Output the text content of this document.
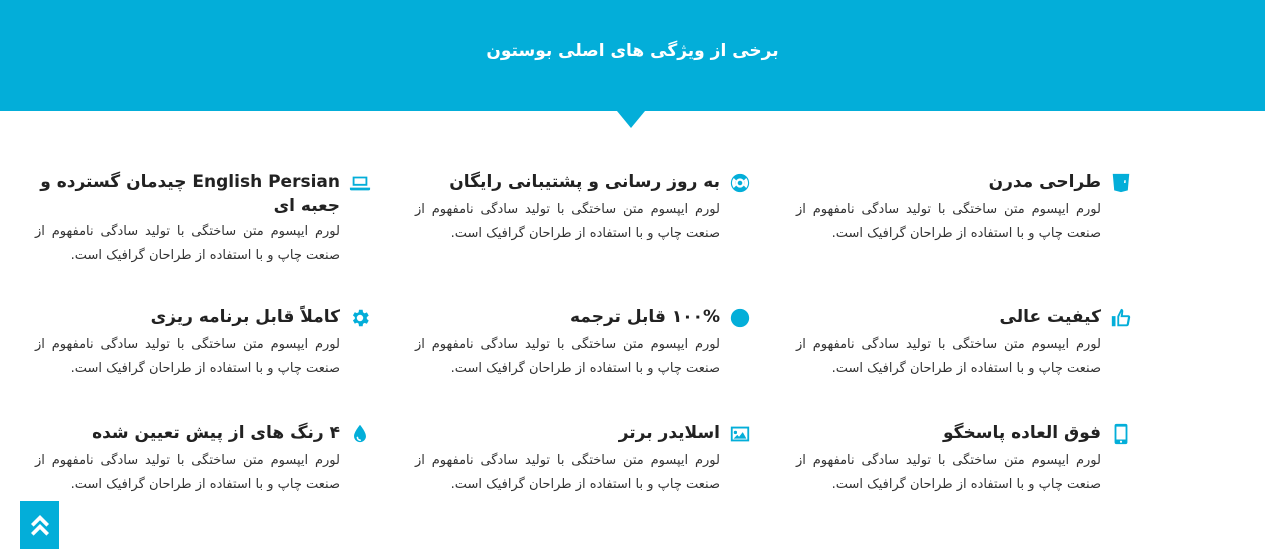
برخی از ویژگی های اصلی بوستون
طراحی مدرن
لورم ایپسوم متن ساختگی با تولید سادگی نامفهوم از صنعت چاپ و با استفاده از طراحان گرافیک است.
به روز رسانی و پشتیبانی رایگان
لورم ایپسوم متن ساختگی با تولید سادگی نامفهوم از صنعت چاپ و با استفاده از طراحان گرافیک است.
English Persian چیدمان گسترده و جعبه ای
لورم ایپسوم متن ساختگی با تولید سادگی نامفهوم از صنعت چاپ و با استفاده از طراحان گرافیک است.
کیفیت عالی
لورم ایپسوم متن ساختگی با تولید سادگی نامفهوم از صنعت چاپ و با استفاده از طراحان گرافیک است.
۱۰۰% قابل ترجمه
لورم ایپسوم متن ساختگی با تولید سادگی نامفهوم از صنعت چاپ و با استفاده از طراحان گرافیک است.
کاملاً قابل برنامه ریزی
لورم ایپسوم متن ساختگی با تولید سادگی نامفهوم از صنعت چاپ و با استفاده از طراحان گرافیک است.
فوق العاده پاسخگو
لورم ایپسوم متن ساختگی با تولید سادگی نامفهوم از صنعت چاپ و با استفاده از طراحان گرافیک است.
اسلایدر برتر
لورم ایپسوم متن ساختگی با تولید سادگی نامفهوم از صنعت چاپ و با استفاده از طراحان گرافیک است.
۴ رنگ های از پیش تعیین شده
لورم ایپسوم متن ساختگی با تولید سادگی نامفهوم از صنعت چاپ و با استفاده از طراحان گرافیک است.
